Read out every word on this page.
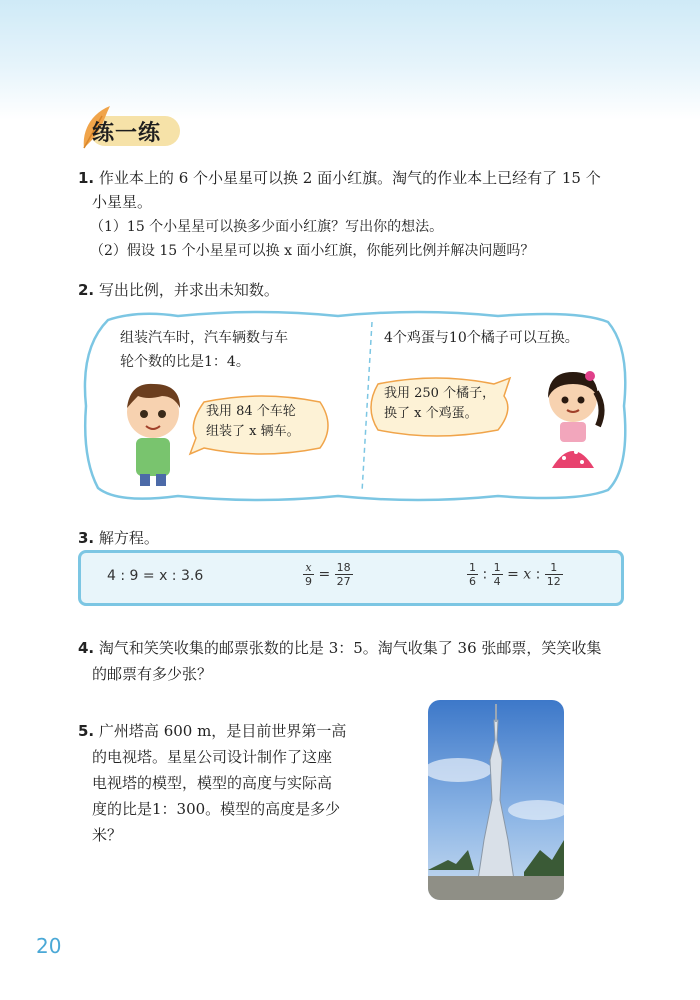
练一练
1. 作业本上的 6 个小星星可以换 2 面小红旗。淘气的作业本上已经有了 15 个
小星星。
（1）15 个小星星可以换多少面小红旗？写出你的想法。
（2）假设 15 个小星星可以换 x 面小红旗，你能列比例并解决问题吗？
2. 写出比例，并求出未知数。
组装汽车时，汽车辆数与车
轮个数的比是1：4。
4个鸡蛋与10个橘子可以互换。
我用 84 个车轮
组装了 x 辆车。
我用 250 个橘子，
换了 x 个鸡蛋。
3. 解方程。
4 : 9 = x : 3.6	$\frac{x}{9} = \frac{18}{27}$	$\frac{1}{6}$ : $\frac{1}{4} = x$ : $\frac{1}{12}$
4. 淘气和笑笑收集的邮票张数的比是 3：5。淘气收集了 36 张邮票，笑笑收集
的邮票有多少张？
5. 广州塔高 600 m，是目前世界第一高
的电视塔。星星公司设计制作了这座
电视塔的模型，模型的高度与实际高
度的比是1：300。模型的高度是多少
米？
20
